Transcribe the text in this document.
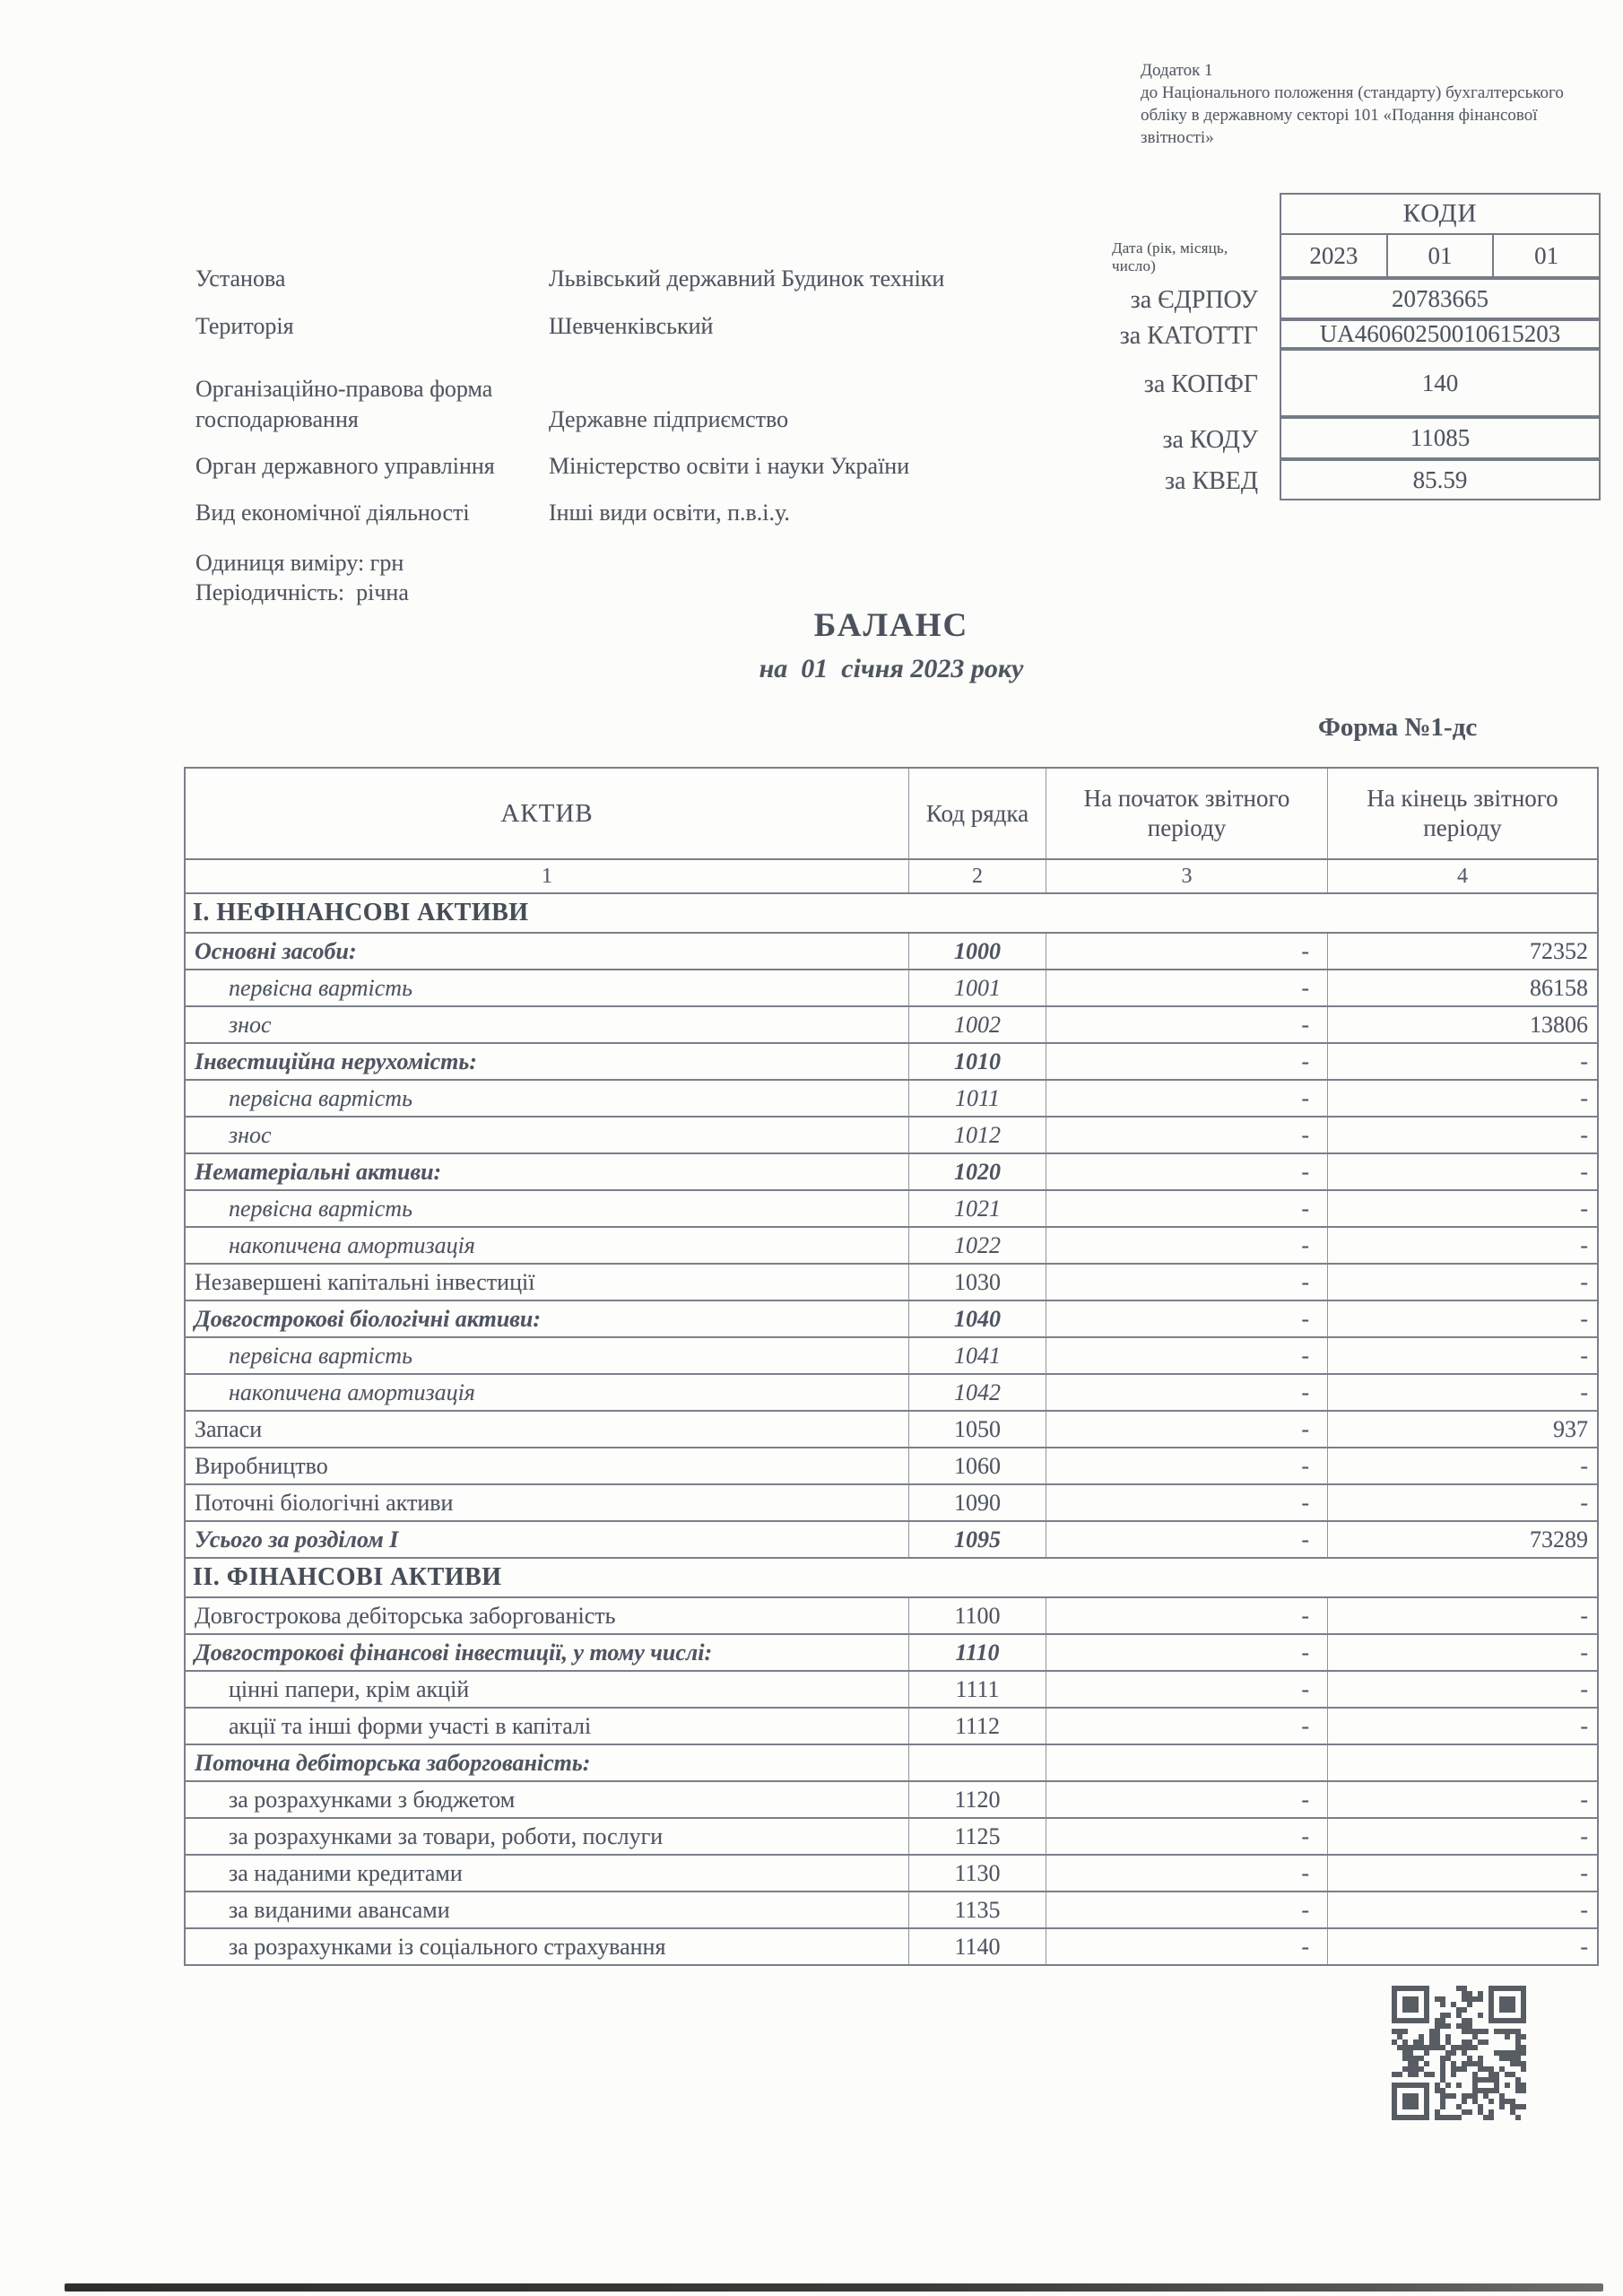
Додаток 1
до Національного положення (стандарту) бухгалтерського
обліку в державному секторі 101 «Подання фінансової
звітності»
КОДИ
Дата (рік, місяць, число)	2023	01	01
за ЄДРПОУ	20783665
за КАТОТТГ	UA46060250010615203
за КОПФГ	140
за КОДУ	11085
за КВЕД	85.59
Установа	Львівський державний Будинок техніки
Територія	Шевченківський
Організаційно-правова форма господарювання	Державне підприємство
Орган державного управління	Міністерство освіти і науки України
Вид економічної діяльності	Інші види освіти, п.в.і.у.
Одиниця виміру: грн
Періодичність:  річна
БАЛАНС
на  01  січня 2023 року
Форма №1-дс
АКТИВ	Код рядка
На початок звітного періоду
На кінець звітного періоду
1	2	3	4
І. НЕФІНАНСОВІ АКТИВИ
Основні засоби:	1000	-	72352
первісна вартість	1001	-	86158
знос	1002	-	13806
Інвестиційна нерухомість:	1010	-	-
первісна вартість	1011	-	-
знос	1012	-	-
Нематеріальні активи:	1020	-	-
первісна вартість	1021	-	-
накопичена амортизація	1022	-	-
Незавершені капітальні інвестиції	1030	-	-
Довгострокові біологічні активи:	1040	-	-
первісна вартість	1041	-	-
накопичена амортизація	1042	-	-
Запаси	1050	-	937
Виробництво	1060	-	-
Поточні біологічні активи	1090	-	-
Усього за розділом І	1095	-	73289
ІІ. ФІНАНСОВІ АКТИВИ
Довгострокова дебіторська заборгованість	1100	-	-
Довгострокові фінансові інвестиції, у тому числі:	1110	-	-
цінні папери, крім акцій	1111	-	-
акції та інші форми участі в капіталі	1112	-	-
Поточна дебіторська заборгованість:
за розрахунками з бюджетом	1120	-	-
за розрахунками за товари, роботи, послуги	1125	-	-
за наданими кредитами	1130	-	-
за виданими авансами	1135	-	-
за розрахунками із соціального страхування	1140	-	-
